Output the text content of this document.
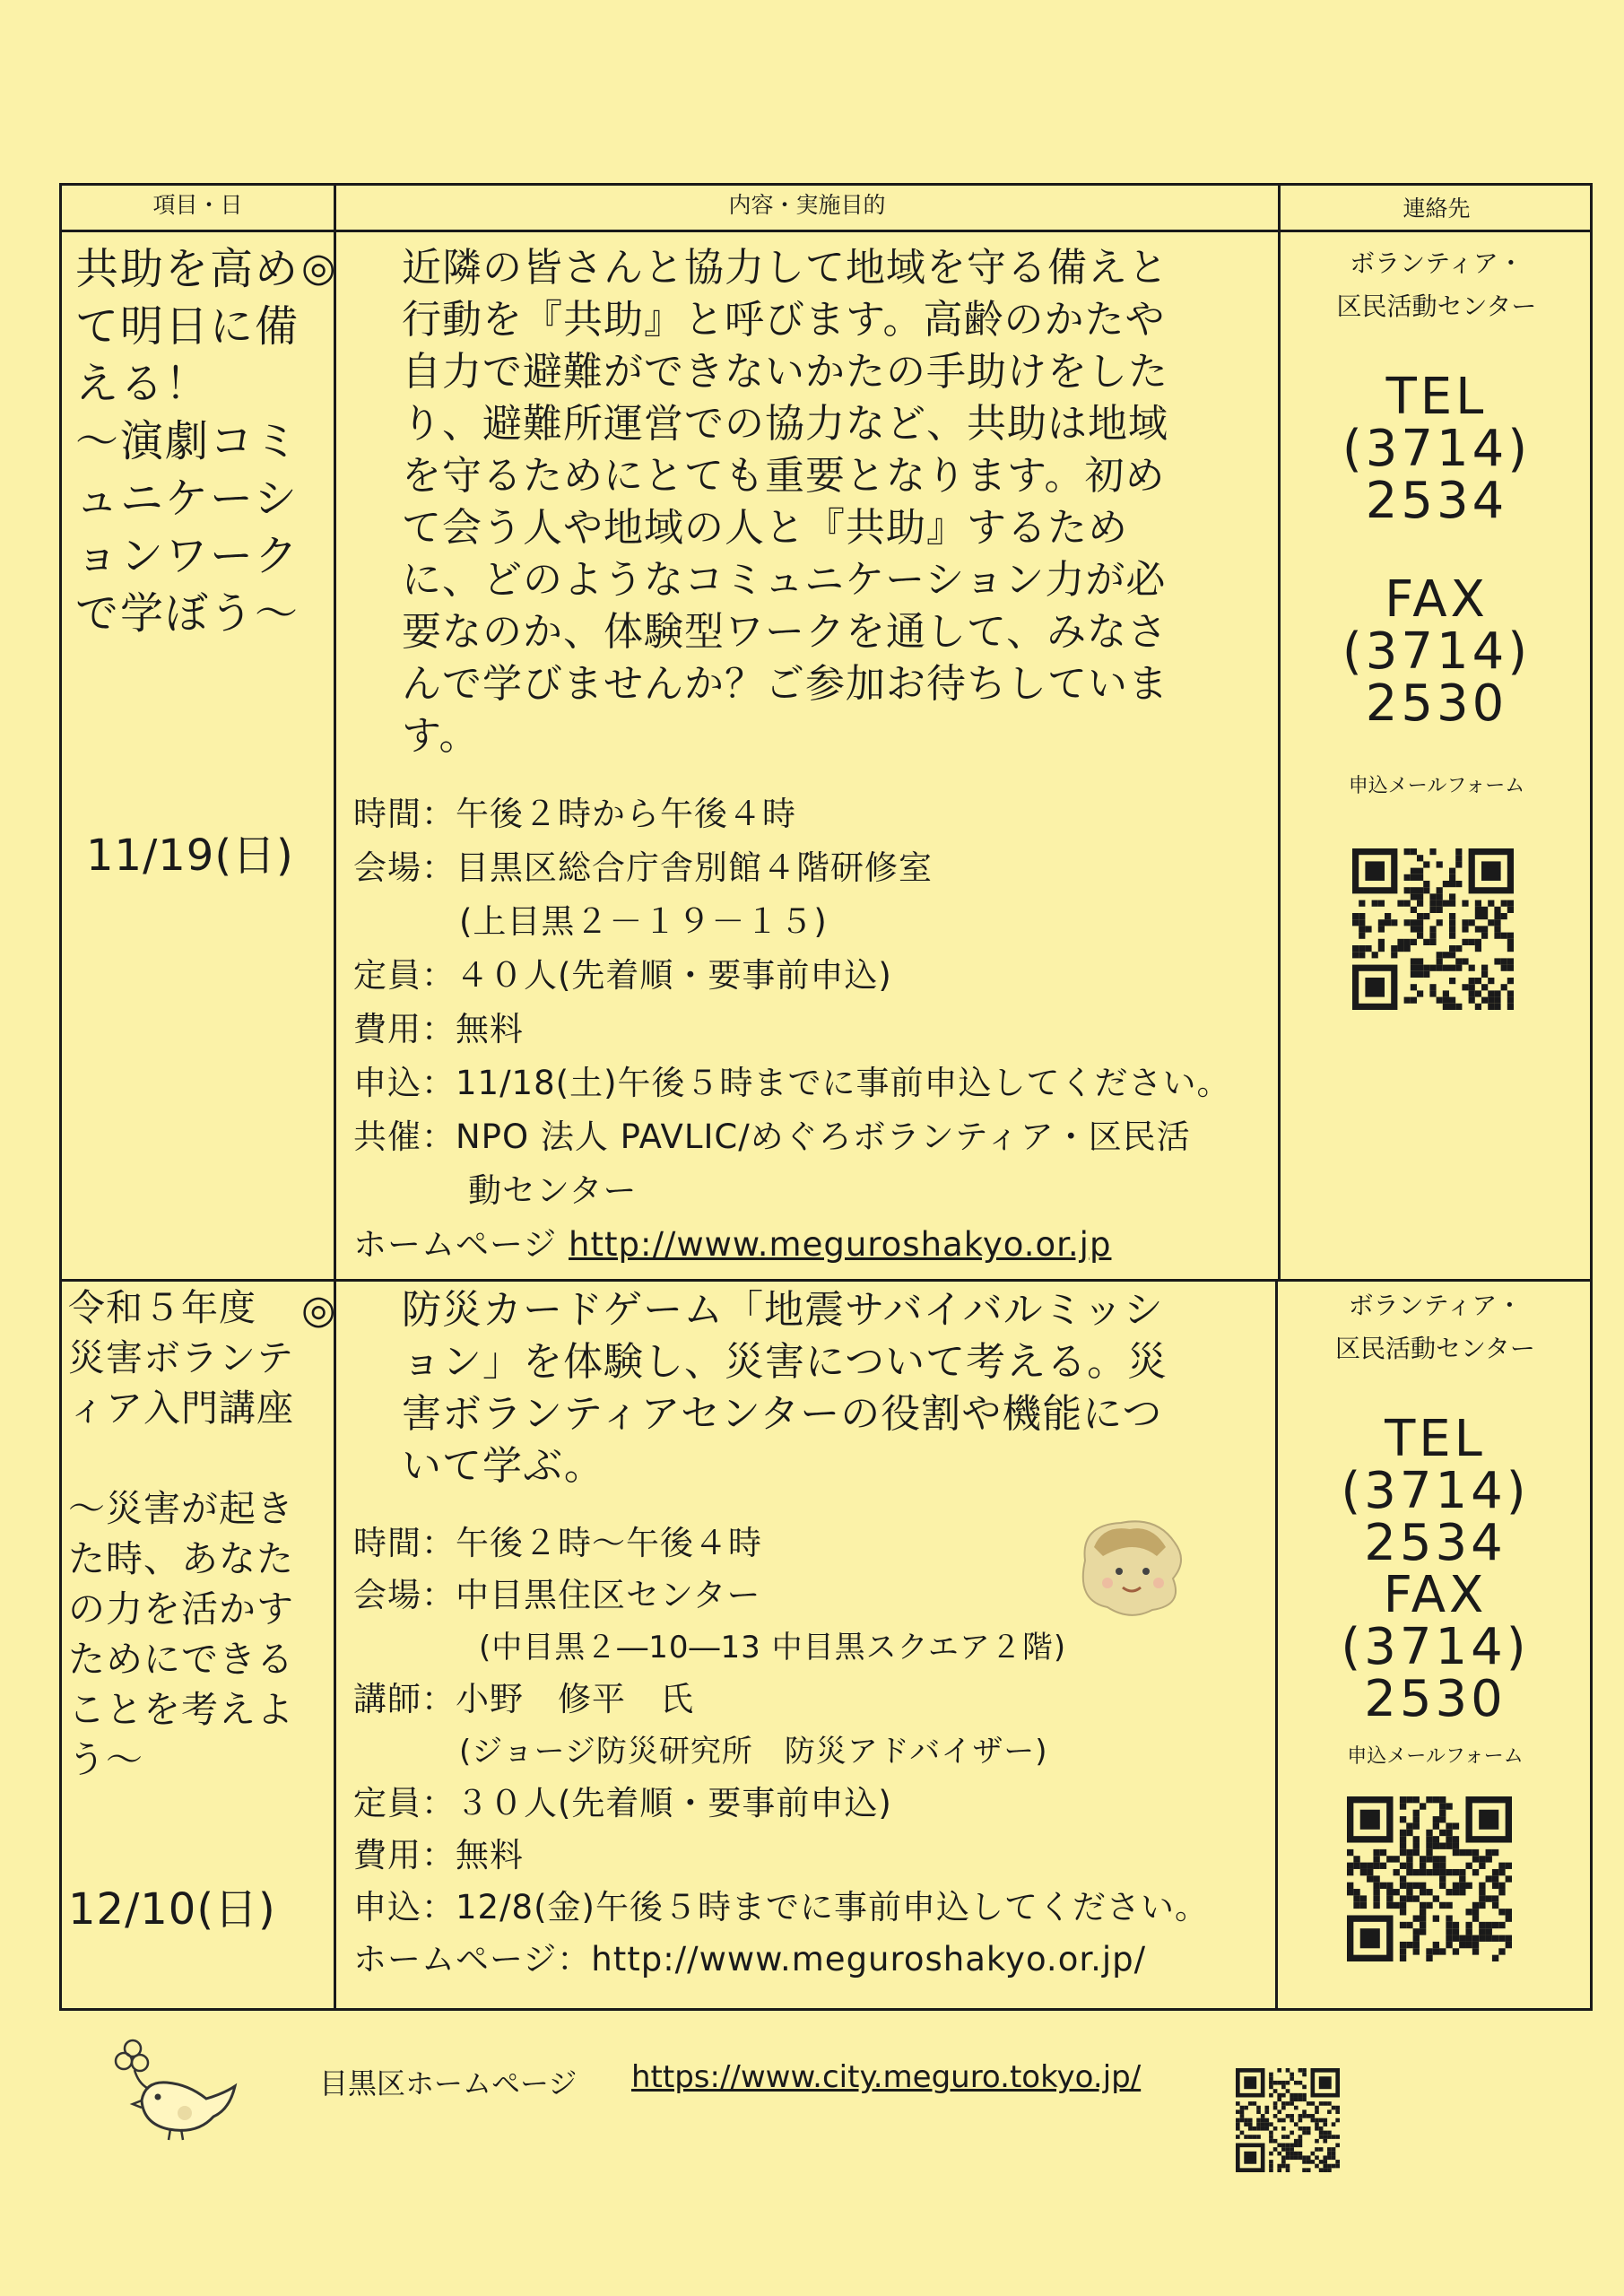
項目・日	内容・実施目的	連絡先
共助を高め
て明日に備
える！
～演劇コミ
ュニケーシ
ョンワーク
で学ぼう～
11/19(日)
◎ 近隣の皆さんと協力して地域を守る備えと
行動を『共助』と呼びます。高齢のかたや
自力で避難ができないかたの手助けをした
り、避難所運営での協力など、共助は地域
を守るためにとても重要となります。初め
て会う人や地域の人と『共助』するため
に、どのようなコミュニケーション力が必
要なのか、体験型ワークを通して、みなさ
んで学びませんか？ご参加お待ちしていま
す。
時間：午後２時から午後４時
会場：目黒区総合庁舎別館４階研修室
(上目黒２－１９－１５)
定員：４０人(先着順・要事前申込)
費用：無料
申込：11/18(土)午後５時までに事前申込してください。
共催：NPO 法人 PAVLIC/めぐろボランティア・区民活
動センター
ホームページ http://www.meguroshakyo.or.jp
ボランティア・
区民活動センター
TEL
(3714)
2534
FAX
(3714)
2530
申込メールフォーム
令和５年度
災害ボランテ
ィア入門講座

～災害が起き
た時、あなた
の力を活かす
ためにできる
ことを考えよ
う～
12/10(日)
◎ 防災カードゲーム「地震サバイバルミッシ
ョン」を体験し、災害について考える。災
害ボランティアセンターの役割や機能につ
いて学ぶ。
時間：午後２時～午後４時
会場：中目黒住区センター
(中目黒２―10―13 中目黒スクエア２階)
講師：小野　修平　氏
(ジョージ防災研究所　防災アドバイザー)
定員：３０人(先着順・要事前申込)
費用：無料
申込：12/8(金)午後５時までに事前申込してください。
ホームページ：http://www.meguroshakyo.or.jp/
ボランティア・
区民活動センター
TEL
(3714)
2534
FAX
(3714)
2530
申込メールフォーム
目黒区ホームページ https://www.city.meguro.tokyo.jp/
